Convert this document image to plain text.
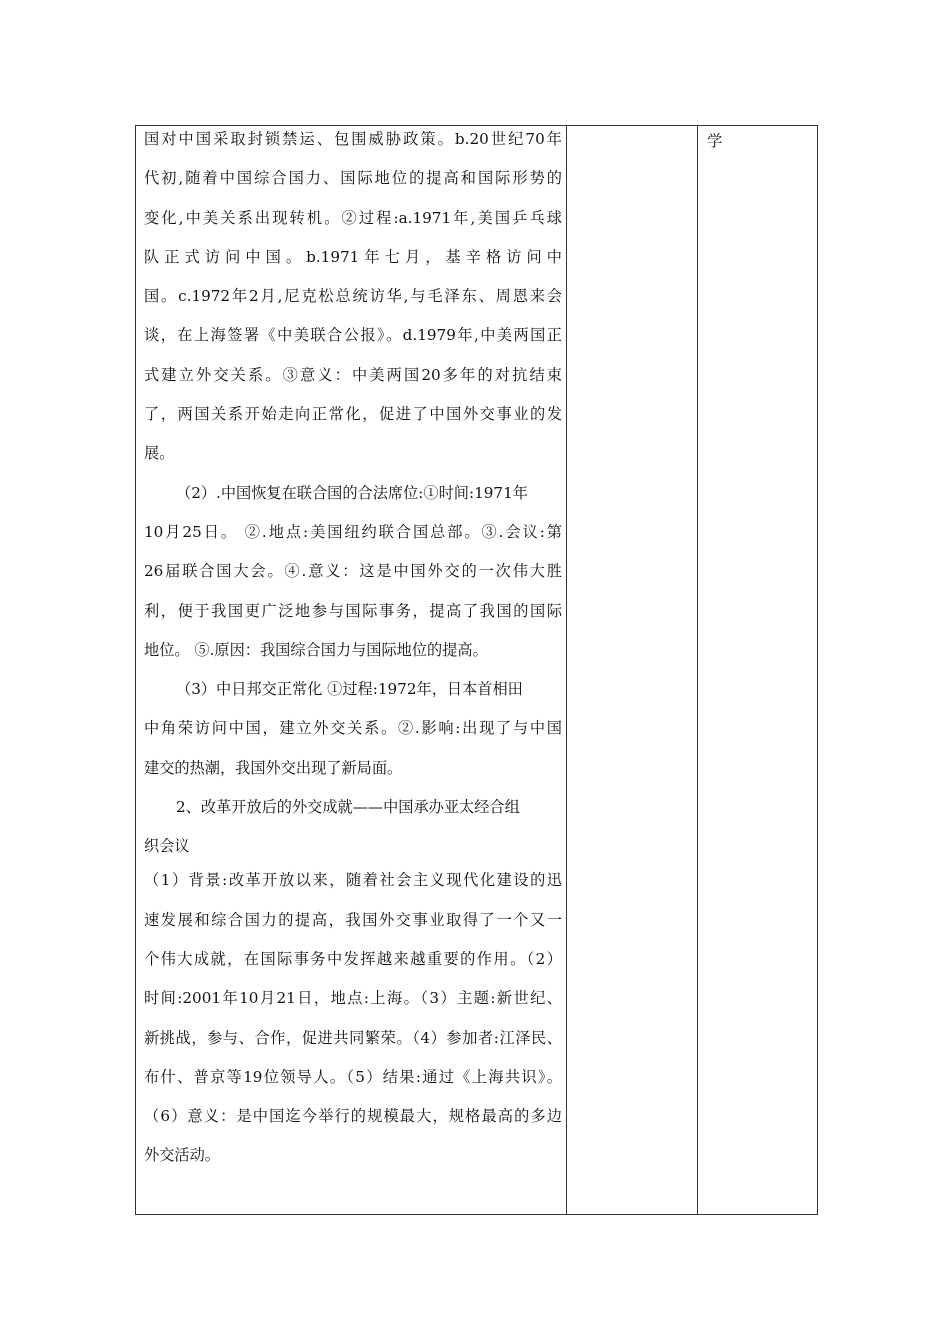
国对中国采取封锁禁运、包围威胁政策。b.20世纪70年
代初,随着中国综合国力、国际地位的提高和国际形势的
变化,中美关系出现转机。②过程:a.1971年,美国乒乓球
队正式访问中国。b.1971年七月，基辛格访问中
国。c.1972年2月,尼克松总统访华,与毛泽东、周恩来会
谈，在上海签署《中美联合公报》。d.1979年,中美两国正
式建立外交关系。③意义：中美两国20多年的对抗结束
了，两国关系开始走向正常化，促进了中国外交事业的发
展。
（2）.中国恢复在联合国的合法席位:①时间:1971年
10月25日。 ②.地点:美国纽约联合国总部。③.会议:第
26届联合国大会。④.意义：这是中国外交的一次伟大胜
利，便于我国更广泛地参与国际事务，提高了我国的国际
地位。 ⑤.原因：我国综合国力与国际地位的提高。
（3）中日邦交正常化 ①过程:1972年，日本首相田
中角荣访问中国，建立外交关系。②.影响:出现了与中国
建交的热潮，我国外交出现了新局面。
2、改革开放后的外交成就——中国承办亚太经合组
织会议
（1）背景:改革开放以来，随着社会主义现代化建设的迅
速发展和综合国力的提高，我国外交事业取得了一个又一
个伟大成就，在国际事务中发挥越来越重要的作用。（2）
时间:2001年10月21日，地点:上海。（3）主题:新世纪、
新挑战，参与、合作，促进共同繁荣。（4）参加者:江泽民、
布什、普京等19位领导人。（5）结果:通过《上海共识》。
（6）意义：是中国迄今举行的规模最大，规格最高的多边
外交活动。
学
